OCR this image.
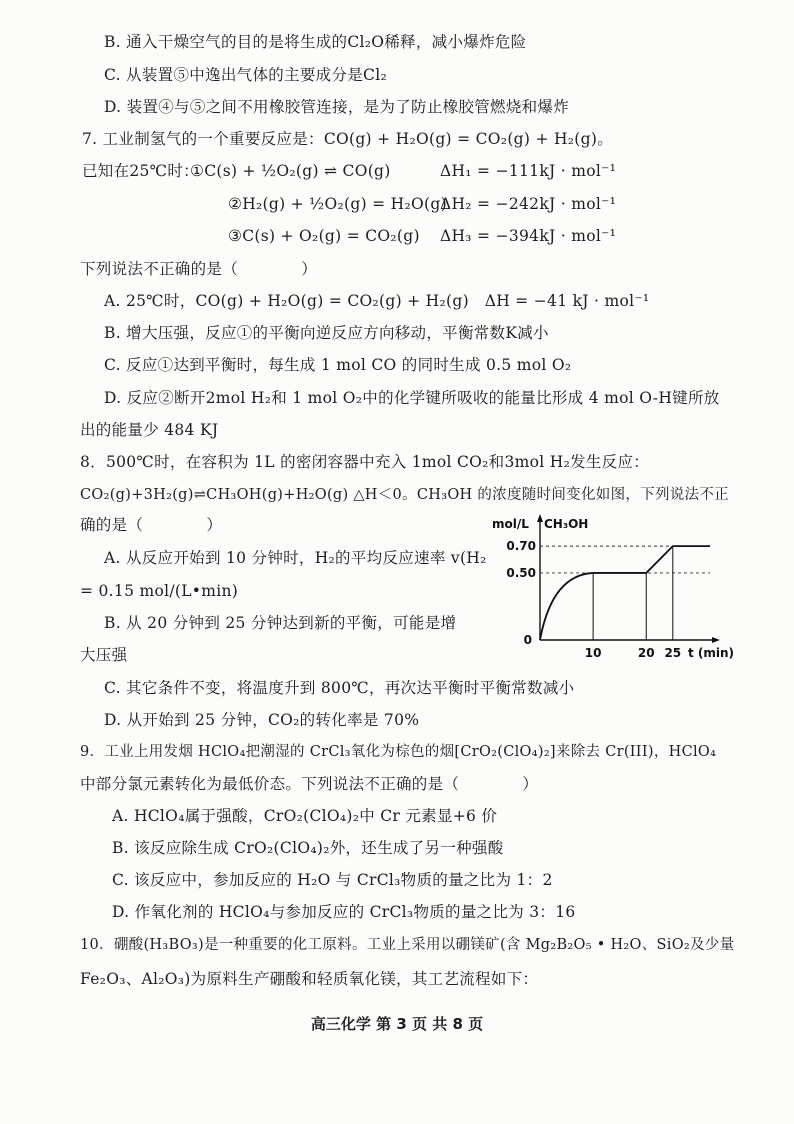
B. 通入干燥空气的目的是将生成的Cl₂O稀释，减小爆炸危险
C. 从装置⑤中逸出气体的主要成分是Cl₂
D. 装置④与⑤之间不用橡胶管连接，是为了防止橡胶管燃烧和爆炸
7. 工业制氢气的一个重要反应是：CO(g) + H₂O(g) = CO₂(g) + H₂(g)。
已知在25℃时：
①C(s) + ½O₂(g) ⇌ CO(g)	ΔH₁ = −111kJ · mol⁻¹
②H₂(g) + ½O₂(g) = H₂O(g)
ΔH₂ = −242kJ · mol⁻¹
③C(s) + O₂(g) = CO₂(g) ΔH₃ = −394kJ · mol⁻¹
下列说法不正确的是（　　　　）
A. 25℃时，CO(g) + H₂O(g) = CO₂(g) + H₂(g)　ΔH = −41 kJ · mol⁻¹
B. 增大压强，反应①的平衡向逆反应方向移动，平衡常数K减小
C. 反应①达到平衡时，每生成 1 mol CO 的同时生成 0.5 mol O₂
D. 反应②断开2mol H₂和 1 mol O₂中的化学键所吸收的能量比形成 4 mol O-H键所放
出的能量少 484 KJ
8．500℃时，在容积为 1L 的密闭容器中充入 1mol CO₂和3mol H₂发生反应：
CO₂(g)+3H₂(g)⇌CH₃OH(g)+H₂O(g) △H＜0。CH₃OH 的浓度随时间变化如图，下列说法不正
确的是（　　　　）
A. 从反应开始到 10 分钟时，H₂的平均反应速率 v(H₂
= 0.15 mol/(L•min)
B. 从 20 分钟到 25 分钟达到新的平衡，可能是增
大压强
C. 其它条件不变，将温度升到 800℃，再次达平衡时平衡常数减小
D. 从开始到 25 分钟，CO₂的转化率是 70%
mol/L CH₃OH
t (min)
0
0.50
0.70
10	20 25
9．工业上用发烟 HClO₄把潮湿的 CrCl₃氧化为棕色的烟[CrO₂(ClO₄)₂]来除去 Cr(III)，HClO₄
中部分氯元素转化为最低价态。下列说法不正确的是（　　　　）
A. HClO₄属于强酸，CrO₂(ClO₄)₂中 Cr 元素显+6 价
B. 该反应除生成 CrO₂(ClO₄)₂外，还生成了另一种强酸
C. 该反应中，参加反应的 H₂O 与 CrCl₃物质的量之比为 1：2
D. 作氧化剂的 HClO₄与参加反应的 CrCl₃物质的量之比为 3：16
10．硼酸(H₃BO₃)是一种重要的化工原料。工业上采用以硼镁矿(含 Mg₂B₂O₅ • H₂O、SiO₂及少量
Fe₂O₃、Al₂O₃)为原料生产硼酸和轻质氧化镁，其工艺流程如下：
高三化学 第 3 页 共 8 页
